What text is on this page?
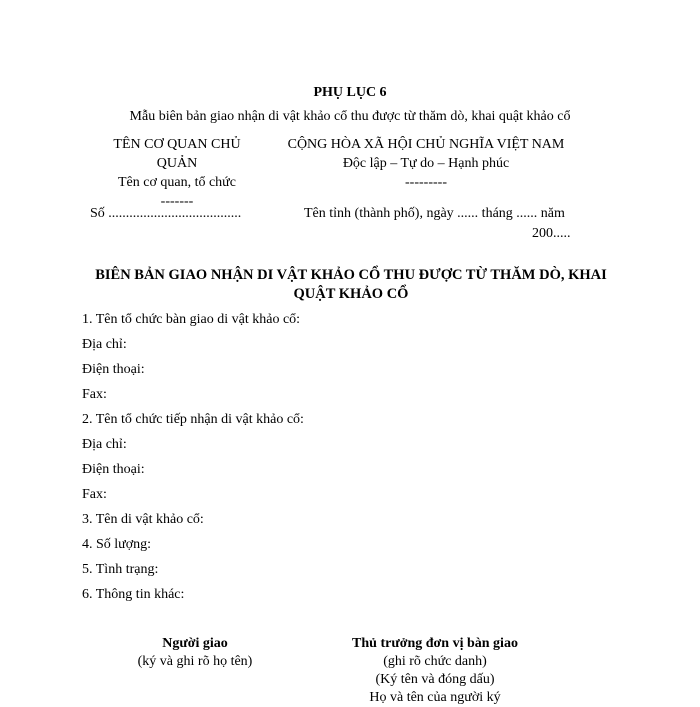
PHỤ LỤC 6
Mẫu biên bản giao nhận di vật khảo cổ thu được từ thăm dò, khai quật khảo cổ
TÊN CƠ QUAN CHỦ
QUẢN
Tên cơ quan, tổ chức
-------
CỘNG HÒA XÃ HỘI CHỦ NGHĨA VIỆT NAM
Độc lập – Tự do – Hạnh phúc
---------
Số ......................................	Tên tỉnh (thành phố), ngày ...... tháng ...... năm
200.....
BIÊN BẢN GIAO NHẬN DI VẬT KHẢO CỔ THU ĐƯỢC TỪ THĂM DÒ, KHAI
QUẬT KHẢO CỔ
1. Tên tổ chức bàn giao di vật khảo cổ:
Địa chỉ:
Điện thoại:
Fax:
2. Tên tổ chức tiếp nhận di vật khảo cổ:
Địa chỉ:
Điện thoại:
Fax:
3. Tên di vật khảo cổ:
4. Số lượng:
5. Tình trạng:
6. Thông tin khác:
Người giao
(ký và ghi rõ họ tên)
Thủ trưởng đơn vị bàn giao
(ghi rõ chức danh)
(Ký tên và đóng dấu)
Họ và tên của người ký
